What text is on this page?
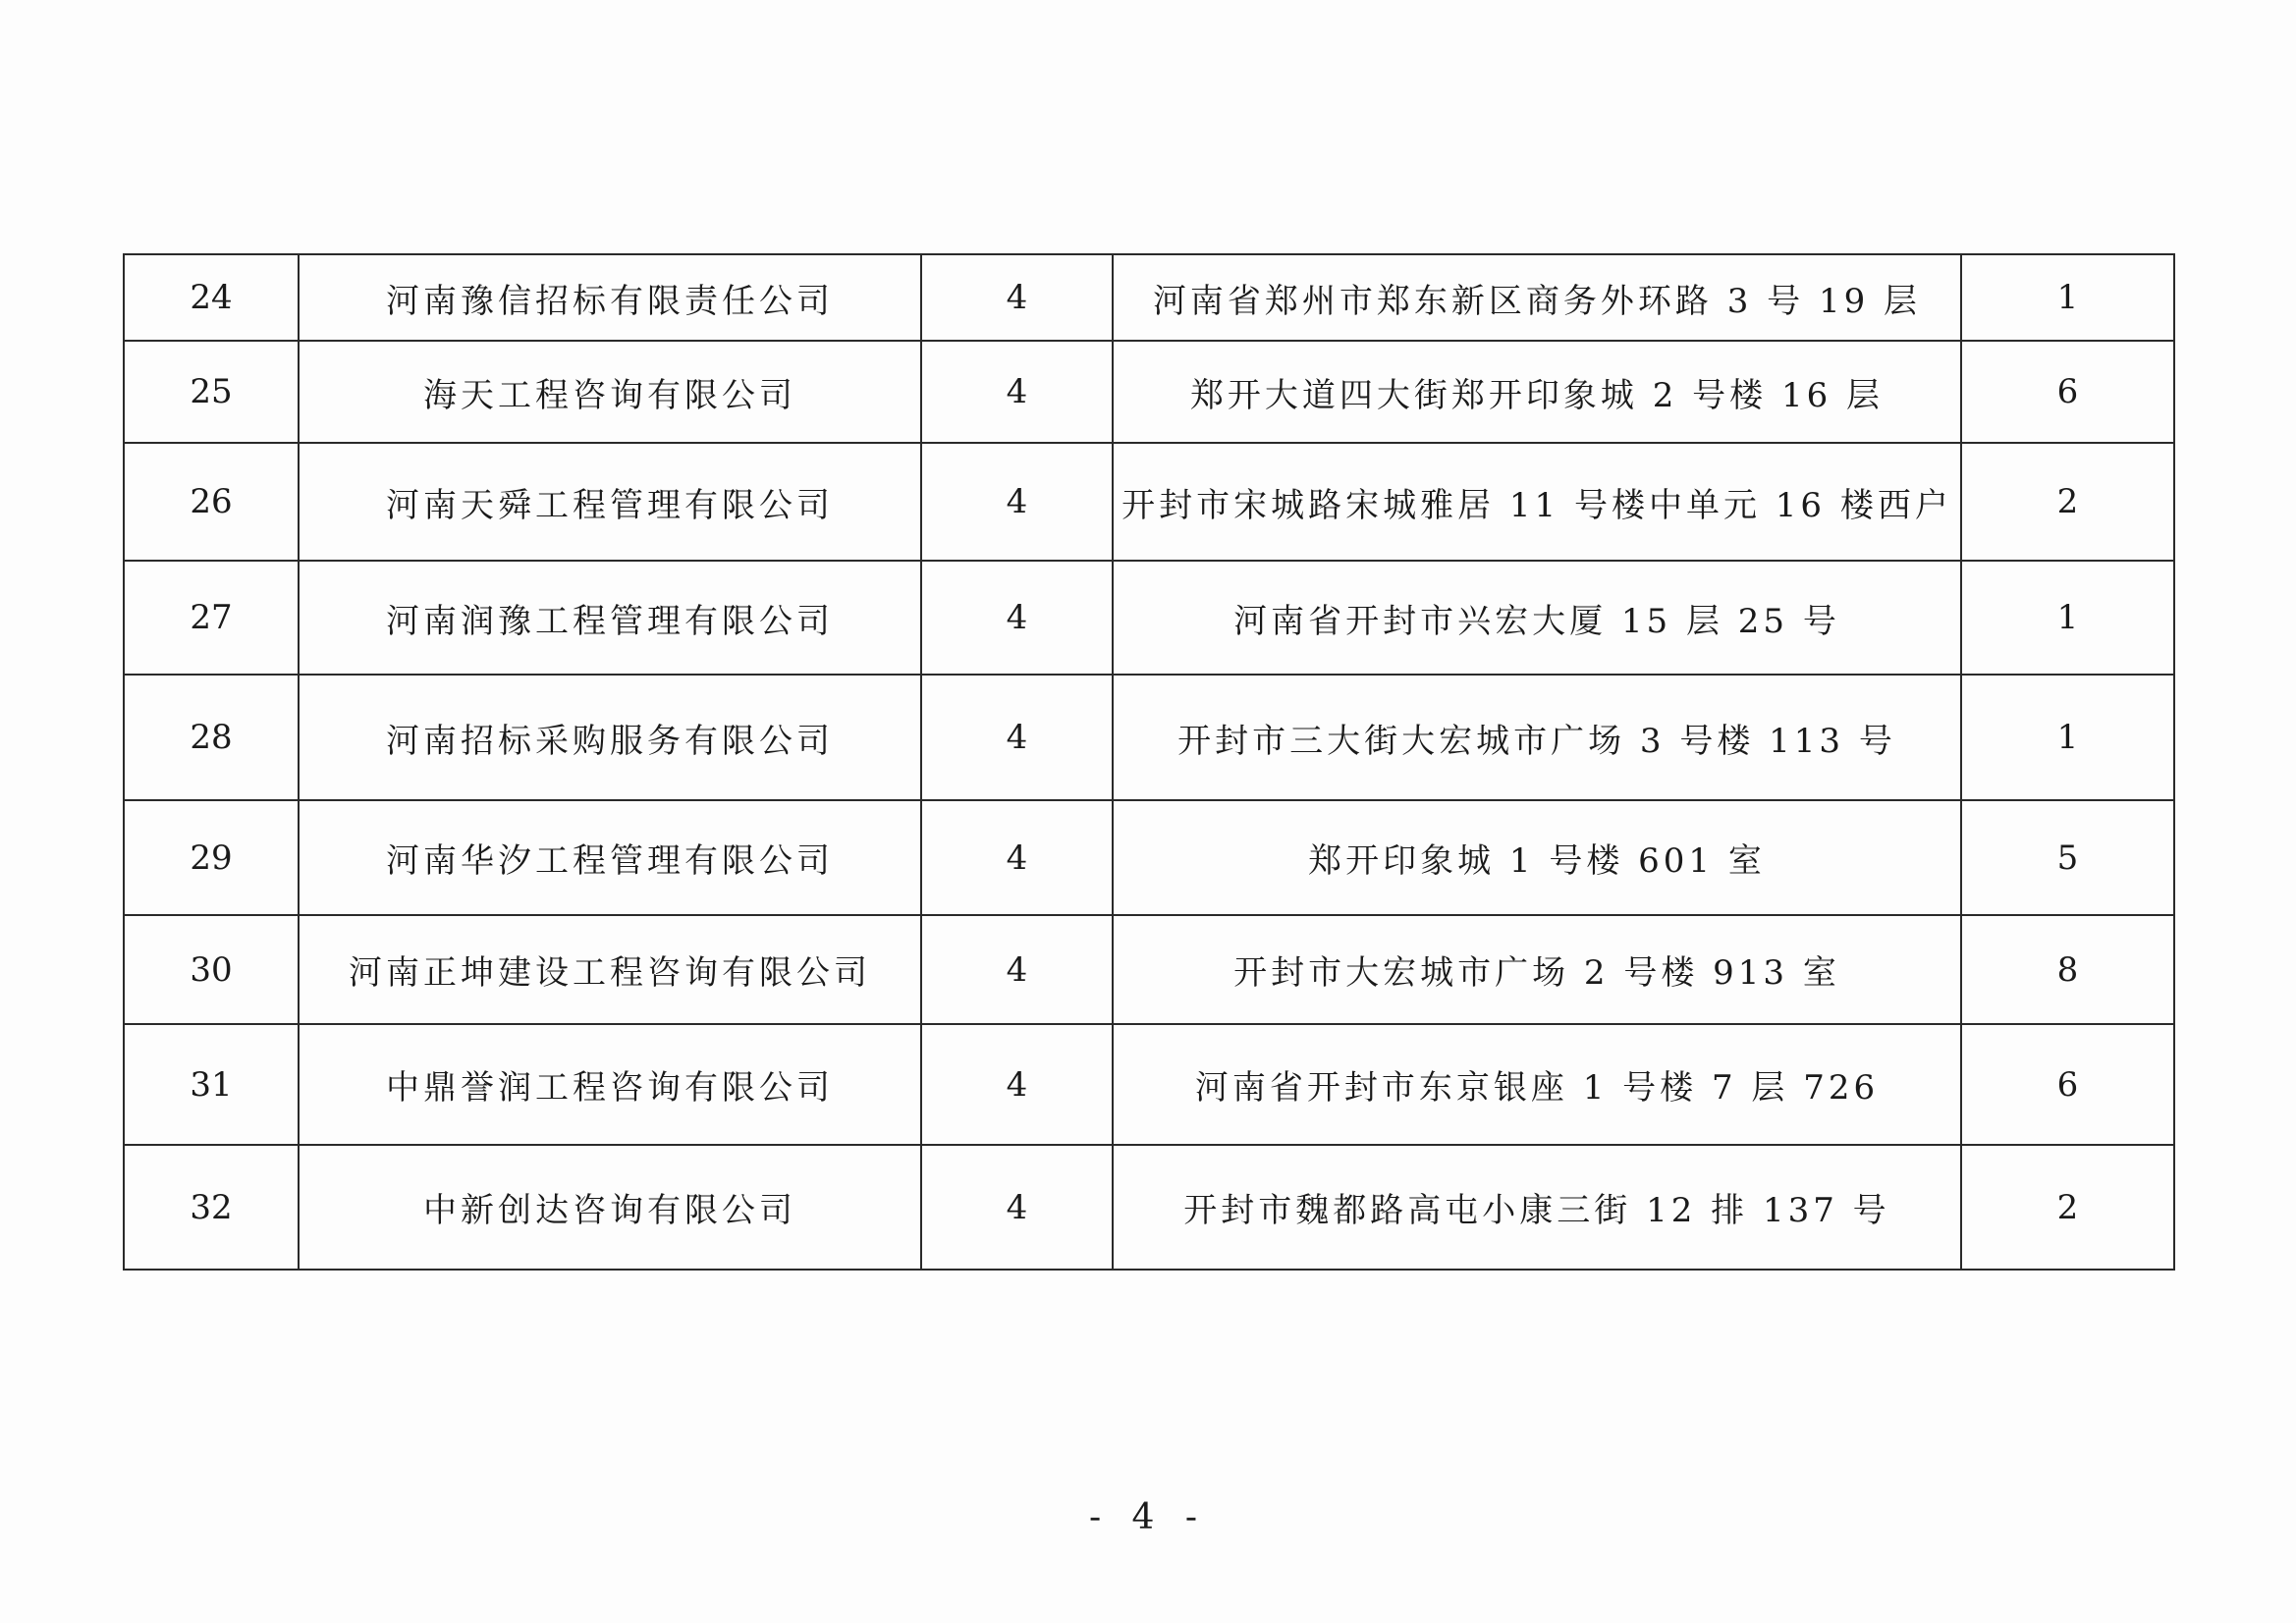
24	河南豫信招标有限责任公司	4	河南省郑州市郑东新区商务外环路 3 号 19 层	1
25	海天工程咨询有限公司	4	郑开大道四大街郑开印象城 2 号楼 16 层	6
26	河南天舜工程管理有限公司	4	开封市宋城路宋城雅居 11 号楼中单元 16 楼西户	2
27	河南润豫工程管理有限公司	4	河南省开封市兴宏大厦 15 层 25 号	1
28	河南招标采购服务有限公司	4	开封市三大街大宏城市广场 3 号楼 113 号	1
29	河南华汐工程管理有限公司	4	郑开印象城 1 号楼 601 室	5
30	河南正坤建设工程咨询有限公司	4	开封市大宏城市广场 2 号楼 913 室	8
31	中鼎誉润工程咨询有限公司	4	河南省开封市东京银座 1 号楼 7 层 726	6
32	中新创达咨询有限公司	4	开封市魏都路高屯小康三街 12 排 137 号	2
- 4 -
